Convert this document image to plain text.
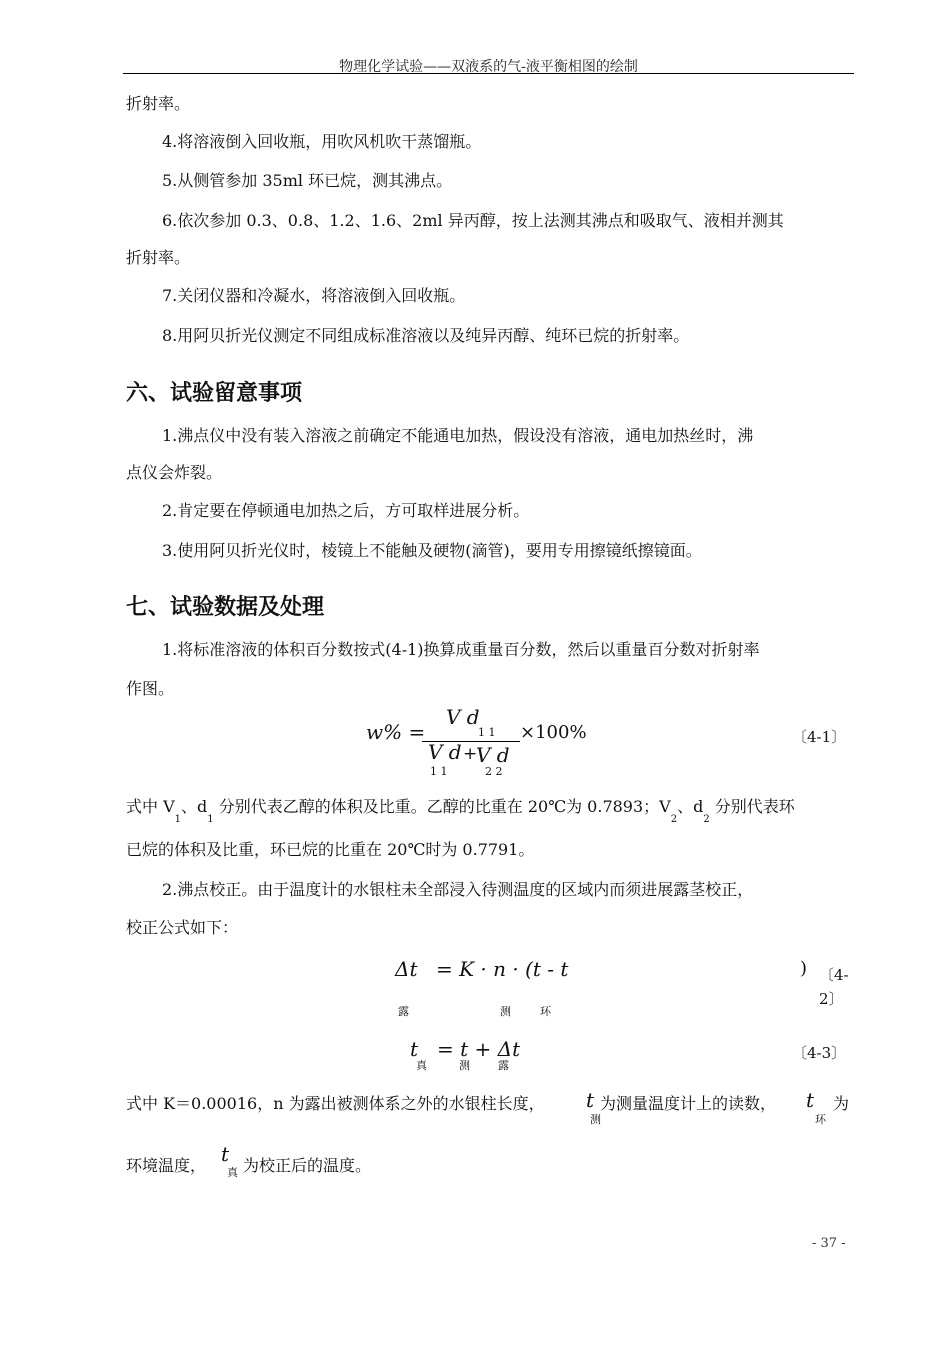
物理化学试验——双液系的气-液平衡相图的绘制
折射率。
4.将溶液倒入回收瓶，用吹风机吹干蒸馏瓶。
5.从侧管参加 35ml 环已烷，测其沸点。
6.依次参加 0.3、0.8、1.2、1.6、2ml 异丙醇，按上法测其沸点和吸取气、液相并测其
折射率。
7.关闭仪器和冷凝水，将溶液倒入回收瓶。
8.用阿贝折光仪测定不同组成标准溶液以及纯异丙醇、纯环已烷的折射率。
六、试验留意事项
1.沸点仪中没有装入溶液之前确定不能通电加热，假设没有溶液，通电加热丝时，沸
点仪会炸裂。
2.肯定要在停顿通电加热之后，方可取样进展分析。
3.使用阿贝折光仪时，棱镜上不能触及硬物(滴管)，要用专用擦镜纸擦镜面。
七、试验数据及处理
1.将标准溶液的体积百分数按式(4-1)换算成重量百分数，然后以重量百分数对折射率
作图。
w% =
V d
1 1
V d +
V d
1 1	2 2
×100%	〔4-1〕
式中 $V_1$、$d_1$ 分别代表乙醇的体积及比重。乙醇的比重在 20℃为 0.7893；$V_2$、$d_2$ 分别代表环
已烷的体积及比重，环已烷的比重在 20℃时为 0.7791。
2.沸点校正。由于温度计的水银柱未全部浸入待测温度的区域内而须进展露茎校正，
校正公式如下：
Δt = K · n · (t - t
露	测	环
) 〔4-
2〕
t = t + Δt
真	测	露
〔4-3〕
式中 K＝0.00016，n 为露出被测体系之外的水银柱长度， t
测
为测量温度计上的读数， t
环
为
环境温度， t
真 为校正后的温度。
- 37 -
